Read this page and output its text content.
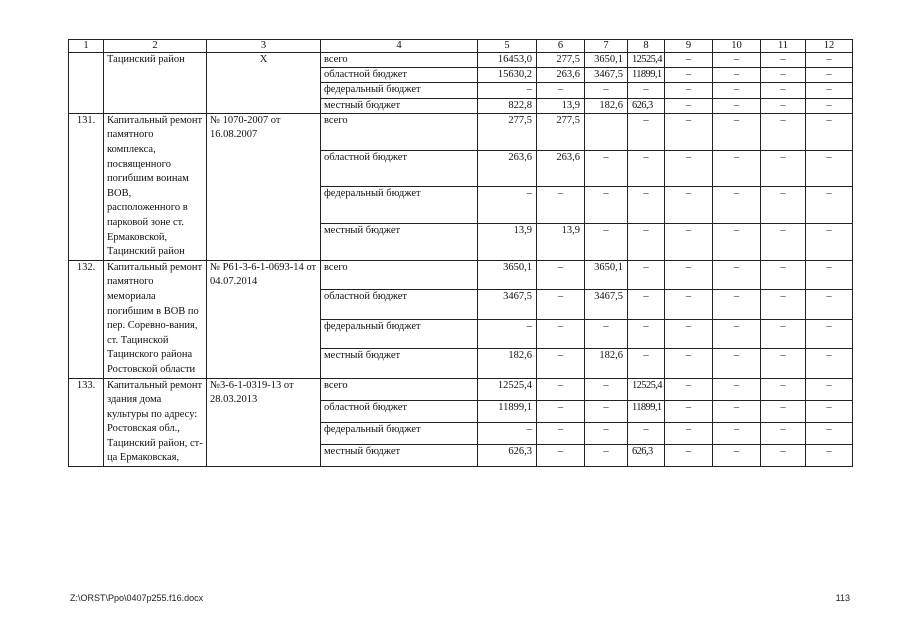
1	2	3	4	5	6	7	8	9	10	11	12
	Тацинский район	Х	всего	16453,0	277,5	3650,1	12525,4	–	–	–	–
			областной бюджет	15630,2	263,6	3467,5	11899,1	–	–	–	–
			федеральный бюджет	–	–	–	–	–	–	–	–
			местный бюджет	822,8	13,9	182,6	626,3	–	–	–	–
131.	Капитальный ремонт памятного комплекса, посвященного погибшим воинам ВОВ, расположенного в парковой зоне ст. Ермаковской, Тацинский район	№ 1070-2007 от 16.08.2007	всего	277,5	277,5		–	–	–	–	–
			областной бюджет	263,6	263,6	–	–	–	–	–	–
			федеральный бюджет	–	–	–	–	–	–	–	–
			местный бюджет	13,9	13,9	–	–	–	–	–	–
132.	Капитальный ремонт памятного мемориала погибшим в ВОВ по пер. Соревно-вания, ст. Тацинской Тацинского района Ростовской области	№ Р61-3-6-1-0693-14 от 04.07.2014	всего	3650,1	–	3650,1	–	–	–	–	–
			областной бюджет	3467,5	–	3467,5	–	–	–	–	–
			федеральный бюджет	–	–	–	–	–	–	–	–
			местный бюджет	182,6	–	182,6	–	–	–	–	–
133.	Капитальный ремонт здания дома культуры по адресу: Ростовская обл., Тацинский район, ст-ца Ермаковская,	№3-6-1-0319-13 от 28.03.2013	всего	12525,4	–	–	12525,4	–	–	–	–
			областной бюджет	11899,1	–	–	11899,1	–	–	–	–
			федеральный бюджет	–	–	–	–	–	–	–	–
			местный бюджет	626,3	–	–	626,3	–	–	–	–
Z:\ORST\Ppo\0407p255.f16.docx	113
